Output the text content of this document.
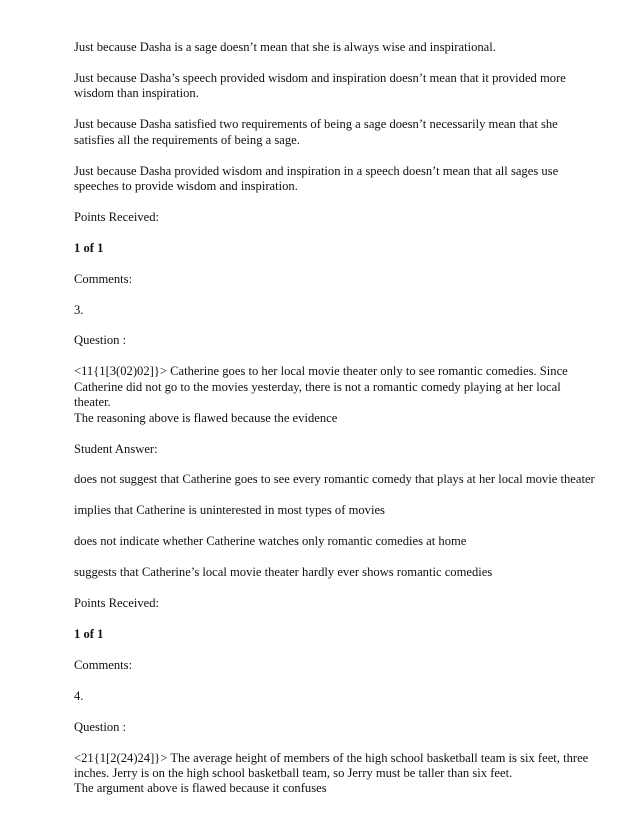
Just because Dasha is a sage doesn’t mean that she is always wise and inspirational.

Just because Dasha’s speech provided wisdom and inspiration doesn’t mean that it provided more wisdom than inspiration.

Just because Dasha satisfied two requirements of being a sage doesn’t necessarily mean that she satisfies all the requirements of being a sage.

Just because Dasha provided wisdom and inspiration in a speech doesn’t mean that all sages use speeches to provide wisdom and inspiration.

Points Received:

1 of 1

Comments:

3.

Question :

<11{1[3(02)02]}> Catherine goes to her local movie theater only to see romantic comedies. Since
Catherine did not go to the movies yesterday, there is not a romantic comedy playing at her local
theater.
The reasoning above is flawed because the evidence

Student Answer:

does not suggest that Catherine goes to see every romantic comedy that plays at her local movie theater

implies that Catherine is uninterested in most types of movies

does not indicate whether Catherine watches only romantic comedies at home

suggests that Catherine’s local movie theater hardly ever shows romantic comedies

Points Received:

1 of 1

Comments:

4.

Question :

<21{1[2(24)24]}> The average height of members of the high school basketball team is six feet, three
inches. Jerry is on the high school basketball team, so Jerry must be taller than six feet.
The argument above is flawed because it confuses
